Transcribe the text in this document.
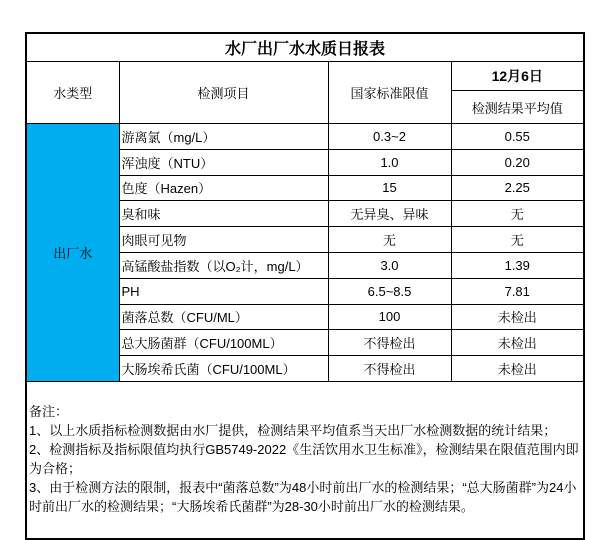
水厂出厂水水质日报表			
水类型	检测项目	国家标准限值	12月6日
			检测结果平均值
出厂水	游离氯（mg/L）	0.3~2	0.55
	浑浊度（NTU）	1.0	0.20
	色度（Hazen）	15	2.25
	臭和味	无异臭、异味	无
	肉眼可见物	无	无
	高锰酸盐指数（以O₂计，mg/L）	3.0	1.39
	PH	6.5~8.5	7.81
	菌落总数（CFU/ML）	100	未检出
	总大肠菌群（CFU/100ML）	不得检出	未检出
	大肠埃希氏菌（CFU/100ML）	不得检出	未检出

备注：
1、以上水质指标检测数据由水厂提供，检测结果平均值系当天出厂水检测数据的统计结果；
2、检测指标及指标限值均执行GB5749-2022《生活饮用水卫生标准》，检测结果在限值范围内即为合格；
3、由于检测方法的限制，报表中“菌落总数”为48小时前出厂水的检测结果；“总大肠菌群”为24小时前出厂水的检测结果；“大肠埃希氏菌群”为28-30小时前出厂水的检测结果。			
